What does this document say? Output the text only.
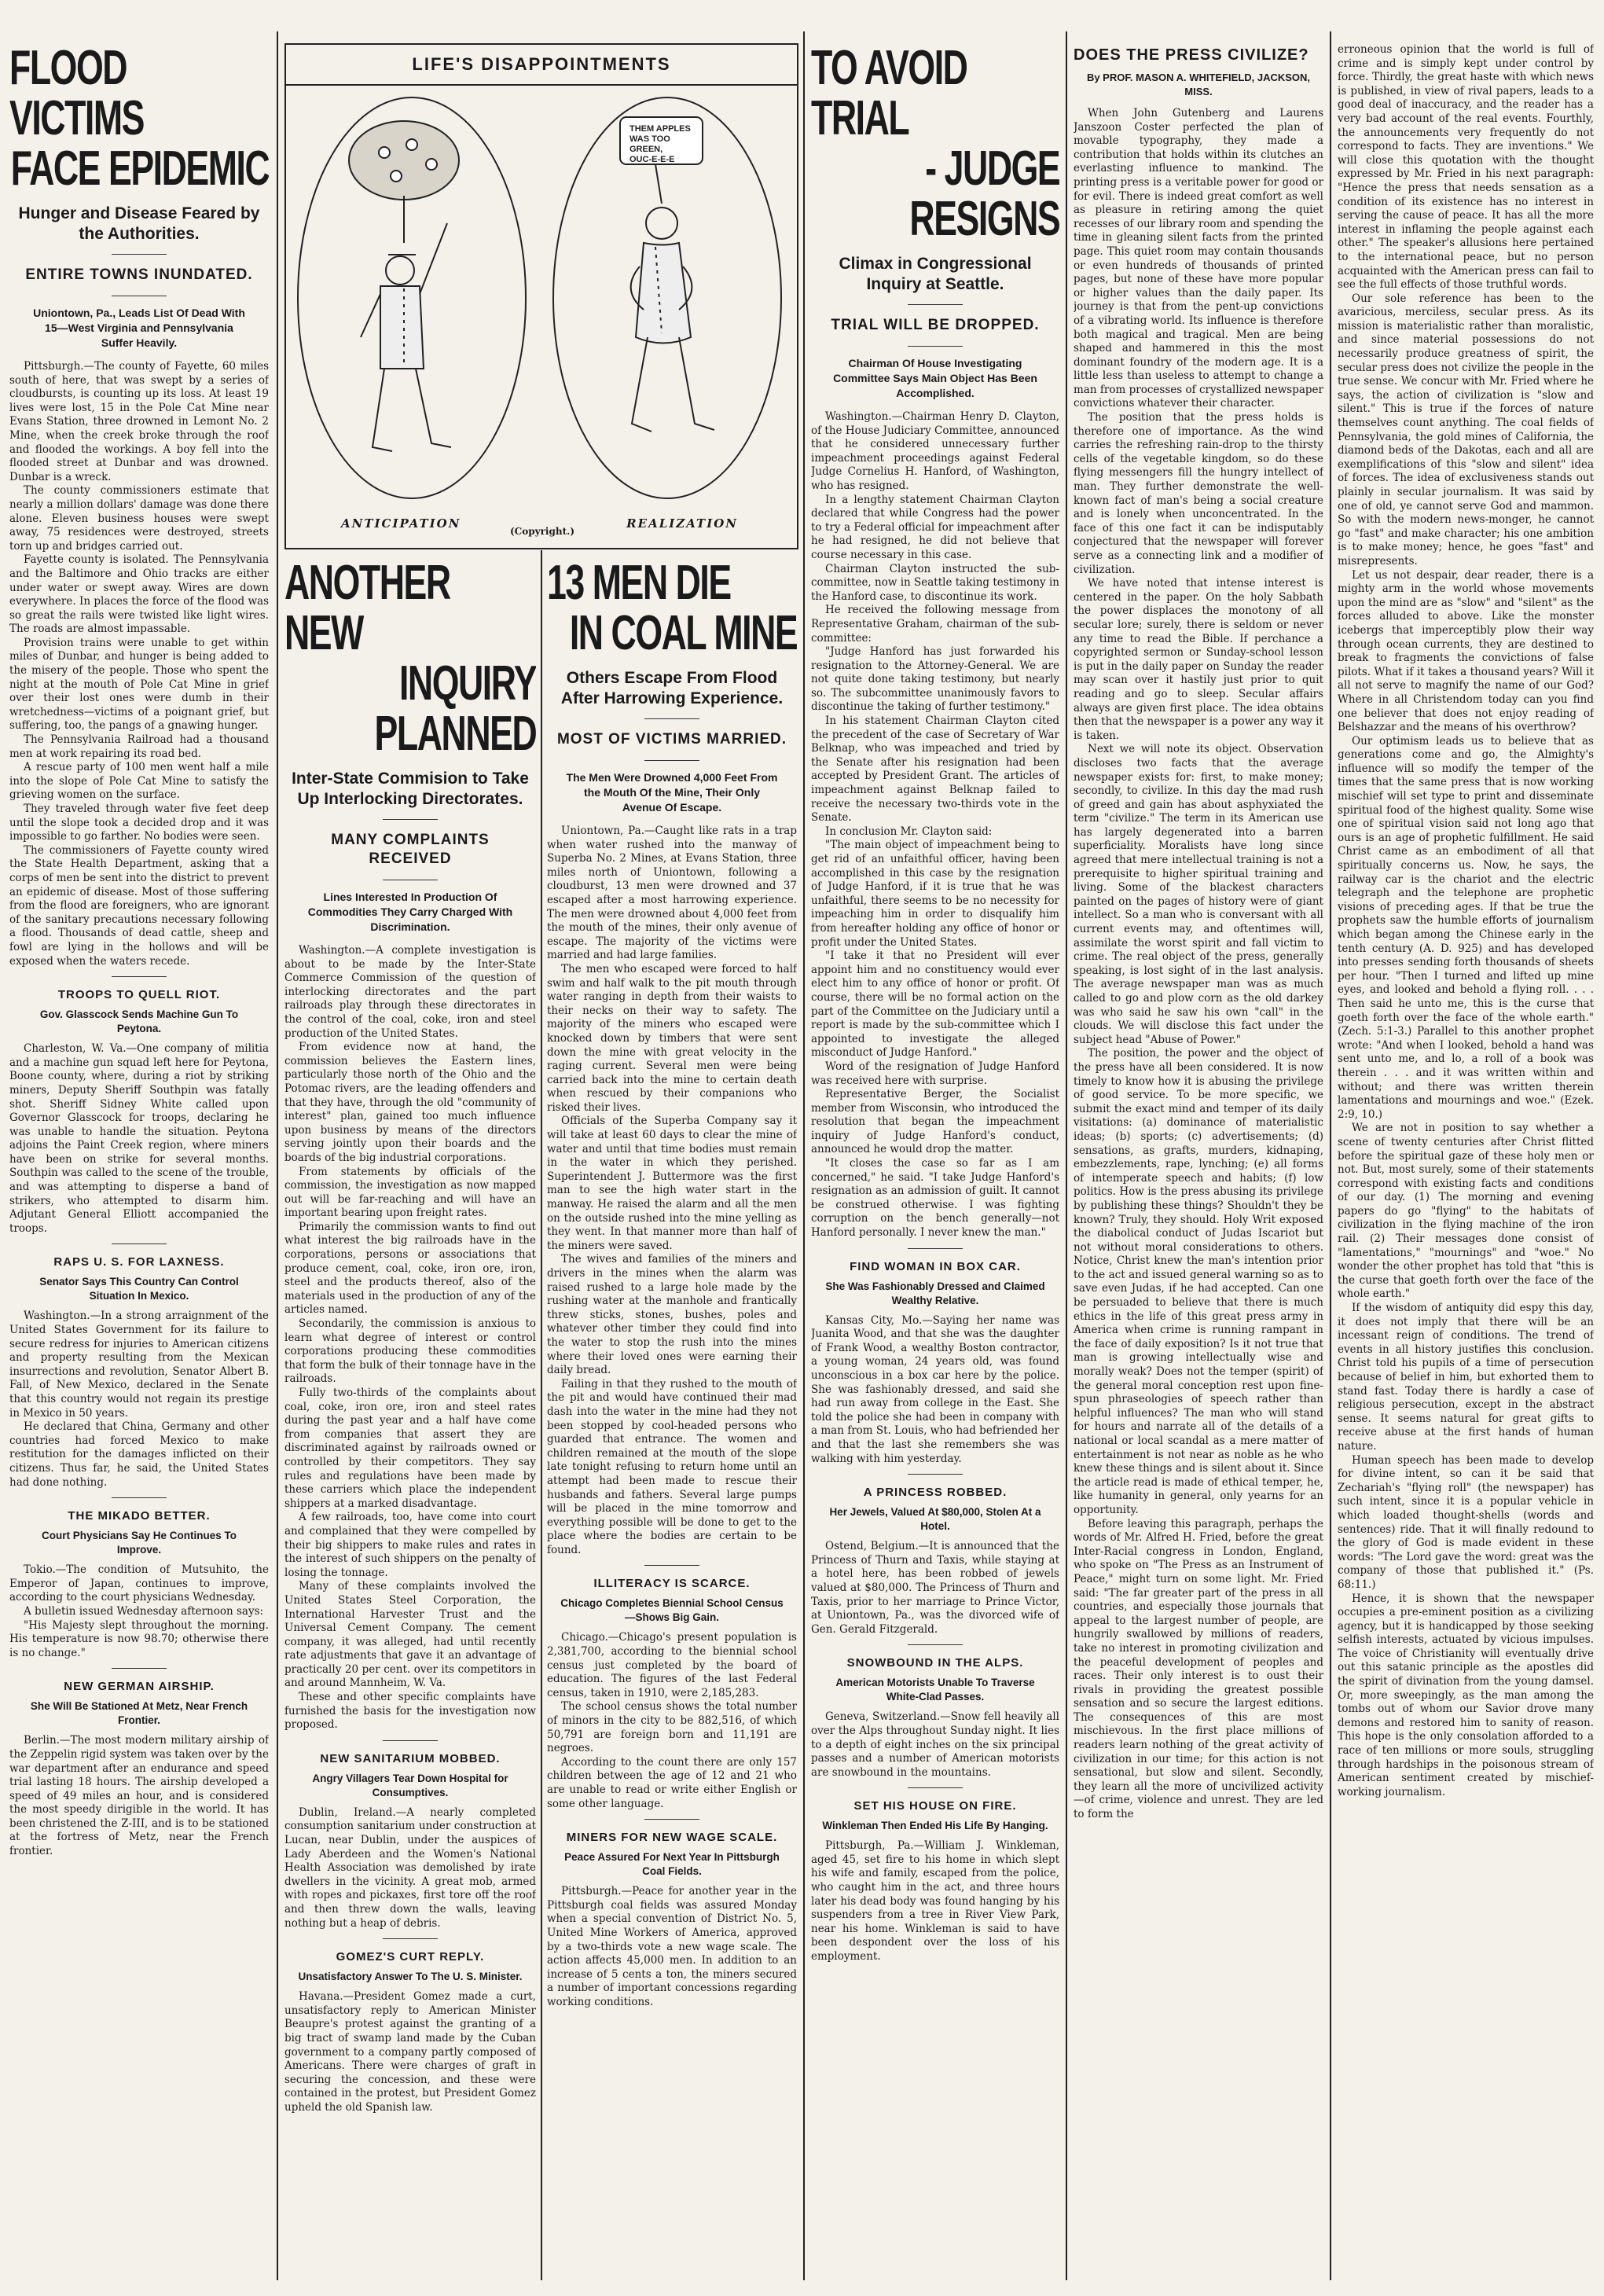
FLOOD VICTIMS
FACE EPIDEMIC
Hunger and Disease Feared by the Authorities.
ENTIRE TOWNS INUNDATED.
Uniontown, Pa., Leads List Of Dead With 15—West Virginia and Pennsylvania Suffer Heavily.

Pittsburgh.—The county of Fayette, 60 miles south of here, that was swept by a series of cloudbursts, is counting up its loss. At least 19 lives were lost, 15 in the Pole Cat Mine near Evans Station, three drowned in Lemont No. 2 Mine, when the creek broke through the roof and flooded the workings. A boy fell into the flooded street at Dunbar and was drowned. Dunbar is a wreck.

The county commissioners estimate that nearly a million dollars' damage was done there alone. Eleven business houses were swept away, 75 residences were destroyed, streets torn up and bridges carried out.

Fayette county is isolated. The Pennsylvania and the Baltimore and Ohio tracks are either under water or swept away. Wires are down everywhere. In places the force of the flood was so great the rails were twisted like light wires. The roads are almost impassable.

Provision trains were unable to get within miles of Dunbar, and hunger is being added to the misery of the people. Those who spent the night at the mouth of Pole Cat Mine in grief over their lost ones were dumb in their wretchedness—victims of a poignant grief, but suffering, too, the pangs of a gnawing hunger.

The Pennsylvania Railroad had a thousand men at work repairing its road bed.

A rescue party of 100 men went half a mile into the slope of Pole Cat Mine to satisfy the grieving women on the surface.

They traveled through water five feet deep until the slope took a decided drop and it was impossible to go farther. No bodies were seen.

The commissioners of Fayette county wired the State Health Department, asking that a corps of men be sent into the district to prevent an epidemic of disease. Most of those suffering from the flood are foreigners, who are ignorant of the sanitary precautions necessary following a flood. Thousands of dead cattle, sheep and fowl are lying in the hollows and will be exposed when the waters recede.

TROOPS TO QUELL RIOT.
Gov. Glasscock Sends Machine Gun To Peytona.

Charleston, W. Va.—One company of militia and a machine gun squad left here for Peytona, Boone county, where, during a riot by striking miners, Deputy Sheriff Southpin was fatally shot. Sheriff Sidney White called upon Governor Glasscock for troops, declaring he was unable to handle the situation. Peytona adjoins the Paint Creek region, where miners have been on strike for several months. Southpin was called to the scene of the trouble, and was attempting to disperse a band of strikers, who attempted to disarm him. Adjutant General Elliott accompanied the troops.

RAPS U. S. FOR LAXNESS.
Senator Says This Country Can Control Situation In Mexico.

Washington.—In a strong arraignment of the United States Government for its failure to secure redress for injuries to American citizens and property resulting from the Mexican insurrections and revolution, Senator Albert B. Fall, of New Mexico, declared in the Senate that this country would not regain its prestige in Mexico in 50 years.

He declared that China, Germany and other countries had forced Mexico to make restitution for the damages inflicted on their citizens. Thus far, he said, the United States had done nothing.

THE MIKADO BETTER.
Court Physicians Say He Continues To Improve.

Tokio.—The condition of Mutsuhito, the Emperor of Japan, continues to improve, according to the court physicians Wednesday.

A bulletin issued Wednesday afternoon says:

"His Majesty slept throughout the morning. His temperature is now 98.70; otherwise there is no change."

NEW GERMAN AIRSHIP.
She Will Be Stationed At Metz, Near French Frontier.

Berlin.—The most modern military airship of the Zeppelin rigid system was taken over by the war department after an endurance and speed trial lasting 18 hours. The airship developed a speed of 49 miles an hour, and is considered the most speedy dirigible in the world. It has been christened the Z-III, and is to be stationed at the fortress of Metz, near the French frontier.

LIFE'S DISAPPOINTMENTS
THEM APPLES WAS TOO GREEN, OUC-E-E-E
ANTICIPATION
(Copyright.)
REALIZATION
ANOTHER NEW
INQUIRY PLANNED
Inter-State Commision to Take Up Interlocking Directorates.
MANY COMPLAINTS RECEIVED
Lines Interested In Production Of Commodities They Carry Charged With Discrimination.

Washington.—A complete investigation is about to be made by the Inter-State Commerce Commission of the question of interlocking directorates and the part railroads play through these directorates in the control of the coal, coke, iron and steel production of the United States.

From evidence now at hand, the commission believes the Eastern lines, particularly those north of the Ohio and the Potomac rivers, are the leading offenders and that they have, through the old "community of interest" plan, gained too much influence upon business by means of the directors serving jointly upon their boards and the boards of the big industrial corporations.

From statements by officials of the commission, the investigation as now mapped out will be far-reaching and will have an important bearing upon freight rates.

Primarily the commission wants to find out what interest the big railroads have in the corporations, persons or associations that produce cement, coal, coke, iron ore, iron, steel and the products thereof, also of the materials used in the production of any of the articles named.

Secondarily, the commission is anxious to learn what degree of interest or control corporations producing these commodities that form the bulk of their tonnage have in the railroads.

Fully two-thirds of the complaints about coal, coke, iron ore, iron and steel rates during the past year and a half have come from companies that assert they are discriminated against by railroads owned or controlled by their competitors. They say rules and regulations have been made by these carriers which place the independent shippers at a marked disadvantage.

A few railroads, too, have come into court and complained that they were compelled by their big shippers to make rules and rates in the interest of such shippers on the penalty of losing the tonnage.

Many of these complaints involved the United States Steel Corporation, the International Harvester Trust and the Universal Cement Company. The cement company, it was alleged, had until recently rate adjustments that gave it an advantage of practically 20 per cent. over its competitors in and around Mannheim, W. Va.

These and other specific complaints have furnished the basis for the investigation now proposed.

NEW SANITARIUM MOBBED.
Angry Villagers Tear Down Hospital for Consumptives.

Dublin, Ireland.—A nearly completed consumption sanitarium under construction at Lucan, near Dublin, under the auspices of Lady Aberdeen and the Women's National Health Association was demolished by irate dwellers in the vicinity. A great mob, armed with ropes and pickaxes, first tore off the roof and then threw down the walls, leaving nothing but a heap of debris.

GOMEZ'S CURT REPLY.
Unsatisfactory Answer To The U. S. Minister.

Havana.—President Gomez made a curt, unsatisfactory reply to American Minister Beaupre's protest against the granting of a big tract of swamp land made by the Cuban government to a company partly composed of Americans. There were charges of graft in securing the concession, and these were contained in the protest, but President Gomez upheld the old Spanish law.

13 MEN DIE
IN COAL MINE
Others Escape From Flood After Harrowing Experience.
MOST OF VICTIMS MARRIED.
The Men Were Drowned 4,000 Feet From the Mouth Of the Mine, Their Only Avenue Of Escape.

Uniontown, Pa.—Caught like rats in a trap when water rushed into the manway of Superba No. 2 Mines, at Evans Station, three miles north of Uniontown, following a cloudburst, 13 men were drowned and 37 escaped after a most harrowing experience. The men were drowned about 4,000 feet from the mouth of the mines, their only avenue of escape. The majority of the victims were married and had large families.

The men who escaped were forced to half swim and half walk to the pit mouth through water ranging in depth from their waists to their necks on their way to safety. The majority of the miners who escaped were knocked down by timbers that were sent down the mine with great velocity in the raging current. Several men were being carried back into the mine to certain death when rescued by their companions who risked their lives.

Officials of the Superba Company say it will take at least 60 days to clear the mine of water and until that time bodies must remain in the water in which they perished. Superintendent J. Buttermore was the first man to see the high water start in the manway. He raised the alarm and all the men on the outside rushed into the mine yelling as they went. In that manner more than half of the miners were saved.

The wives and families of the miners and drivers in the mines when the alarm was raised rushed to a large hole made by the rushing water at the manhole and frantically threw sticks, stones, bushes, poles and whatever other timber they could find into the water to stop the rush into the mines where their loved ones were earning their daily bread.

Failing in that they rushed to the mouth of the pit and would have continued their mad dash into the water in the mine had they not been stopped by cool-headed persons who guarded that entrance. The women and children remained at the mouth of the slope late tonight refusing to return home until an attempt had been made to rescue their husbands and fathers. Several large pumps will be placed in the mine tomorrow and everything possible will be done to get to the place where the bodies are certain to be found.

ILLITERACY IS SCARCE.
Chicago Completes Biennial School Census—Shows Big Gain.

Chicago.—Chicago's present population is 2,381,700, according to the biennial school census just completed by the board of education. The figures of the last Federal census, taken in 1910, were 2,185,283.

The school census shows the total number of minors in the city to be 882,516, of which 50,791 are foreign born and 11,191 are negroes.

According to the count there are only 157 children between the age of 12 and 21 who are unable to read or write either English or some other language.

MINERS FOR NEW WAGE SCALE.
Peace Assured For Next Year In Pittsburgh Coal Fields.

Pittsburgh.—Peace for another year in the Pittsburgh coal fields was assured Monday when a special convention of District No. 5, United Mine Workers of America, approved by a two-thirds vote a new wage scale. The action affects 45,000 men. In addition to an increase of 5 cents a ton, the miners secured a number of important concessions regarding working conditions.

TO AVOID TRIAL
- JUDGE RESIGNS
Climax in Congressional Inquiry at Seattle.
TRIAL WILL BE DROPPED.
Chairman Of House Investigating Committee Says Main Object Has Been Accomplished.

Washington.—Chairman Henry D. Clayton, of the House Judiciary Committee, announced that he considered unnecessary further impeachment proceedings against Federal Judge Cornelius H. Hanford, of Washington, who has resigned.

In a lengthy statement Chairman Clayton declared that while Congress had the power to try a Federal official for impeachment after he had resigned, he did not believe that course necessary in this case.

Chairman Clayton instructed the sub-committee, now in Seattle taking testimony in the Hanford case, to discontinue its work.

He received the following message from Representative Graham, chairman of the sub-committee:

"Judge Hanford has just forwarded his resignation to the Attorney-General. We are not quite done taking testimony, but nearly so. The subcommittee unanimously favors to discontinue the taking of further testimony."

In his statement Chairman Clayton cited the precedent of the case of Secretary of War Belknap, who was impeached and tried by the Senate after his resignation had been accepted by President Grant. The articles of impeachment against Belknap failed to receive the necessary two-thirds vote in the Senate.

In conclusion Mr. Clayton said:

"The main object of impeachment being to get rid of an unfaithful officer, having been accomplished in this case by the resignation of Judge Hanford, if it is true that he was unfaithful, there seems to be no necessity for impeaching him in order to disqualify him from hereafter holding any office of honor or profit under the United States.

"I take it that no President will ever appoint him and no constituency would ever elect him to any office of honor or profit. Of course, there will be no formal action on the part of the Committee on the Judiciary until a report is made by the sub-committee which I appointed to investigate the alleged misconduct of Judge Hanford."

Word of the resignation of Judge Hanford was received here with surprise.

Representative Berger, the Socialist member from Wisconsin, who introduced the resolution that began the impeachment inquiry of Judge Hanford's conduct, announced he would drop the matter.

"It closes the case so far as I am concerned," he said. "I take Judge Hanford's resignation as an admission of guilt. It cannot be construed otherwise. I was fighting corruption on the bench generally—not Hanford personally. I never knew the man."

FIND WOMAN IN BOX CAR.
She Was Fashionably Dressed and Claimed Wealthy Relative.

Kansas City, Mo.—Saying her name was Juanita Wood, and that she was the daughter of Frank Wood, a wealthy Boston contractor, a young woman, 24 years old, was found unconscious in a box car here by the police. She was fashionably dressed, and said she had run away from college in the East. She told the police she had been in company with a man from St. Louis, who had befriended her and that the last she remembers she was walking with him yesterday.

A PRINCESS ROBBED.
Her Jewels, Valued At $80,000, Stolen At a Hotel.

Ostend, Belgium.—It is announced that the Princess of Thurn and Taxis, while staying at a hotel here, has been robbed of jewels valued at $80,000. The Princess of Thurn and Taxis, prior to her marriage to Prince Victor, at Uniontown, Pa., was the divorced wife of Gen. Gerald Fitzgerald.

SNOWBOUND IN THE ALPS.
American Motorists Unable To Traverse White-Clad Passes.

Geneva, Switzerland.—Snow fell heavily all over the Alps throughout Sunday night. It lies to a depth of eight inches on the six principal passes and a number of American motorists are snowbound in the mountains.

SET HIS HOUSE ON FIRE.
Winkleman Then Ended His Life By Hanging.

Pittsburgh, Pa.—William J. Winkleman, aged 45, set fire to his home in which slept his wife and family, escaped from the police, who caught him in the act, and three hours later his dead body was found hanging by his suspenders from a tree in River View Park, near his home. Winkleman is said to have been despondent over the loss of his employment.

DOES THE PRESS CIVILIZE?
By PROF. MASON A. WHITEFIELD, JACKSON, MISS.

When John Gutenberg and Laurens Janszoon Coster perfected the plan of movable typography, they made a contribution that holds within its clutches an everlasting influence to mankind. The printing press is a veritable power for good or for evil. There is indeed great comfort as well as pleasure in retiring among the quiet recesses of our library room and spending the time in gleaning silent facts from the printed page. This quiet room may contain thousands or even hundreds of thousands of printed pages, but none of these have more popular or higher values than the daily paper. Its journey is that from the pent-up convictions of a vibrating world. Its influence is therefore both magical and tragical. Men are being shaped and hammered in this the most dominant foundry of the modern age. It is a little less than useless to attempt to change a man from processes of crystallized newspaper convictions whatever their character.

The position that the press holds is therefore one of importance. As the wind carries the refreshing rain-drop to the thirsty cells of the vegetable kingdom, so do these flying messengers fill the hungry intellect of man. They further demonstrate the well-known fact of man's being a social creature and is lonely when unconcentrated. In the face of this one fact it can be indisputably conjectured that the newspaper will forever serve as a connecting link and a modifier of civilization.

We have noted that intense interest is centered in the paper. On the holy Sabbath the power displaces the monotony of all secular lore; surely, there is seldom or never any time to read the Bible. If perchance a copyrighted sermon or Sunday-school lesson is put in the daily paper on Sunday the reader may scan over it hastily just prior to quit reading and go to sleep. Secular affairs always are given first place. The idea obtains then that the newspaper is a power any way it is taken.

Next we will note its object. Observation discloses two facts that the average newspaper exists for: first, to make money; secondly, to civilize. In this day the mad rush of greed and gain has about asphyxiated the term "civilize." The term in its American use has largely degenerated into a barren superficiality. Moralists have long since agreed that mere intellectual training is not a prerequisite to higher spiritual training and living. Some of the blackest characters painted on the pages of history were of giant intellect. So a man who is conversant with all current events may, and oftentimes will, assimilate the worst spirit and fall victim to crime. The real object of the press, generally speaking, is lost sight of in the last analysis. The average newspaper man was as much called to go and plow corn as the old darkey was who said he saw his own "call" in the clouds. We will disclose this fact under the subject head "Abuse of Power."

The position, the power and the object of the press have all been considered. It is now timely to know how it is abusing the privilege of good service. To be more specific, we submit the exact mind and temper of its daily visitations: (a) dominance of materialistic ideas; (b) sports; (c) advertisements; (d) sensations, as grafts, murders, kidnaping, embezzlements, rape, lynching; (e) all forms of intemperate speech and habits; (f) low politics. How is the press abusing its privilege by publishing these things? Shouldn't they be known? Truly, they should. Holy Writ exposed the diabolical conduct of Judas Iscariot but not without moral considerations to others. Notice, Christ knew the man's intention prior to the act and issued general warning so as to save even Judas, if he had accepted. Can one be persuaded to believe that there is much ethics in the life of this great press army in America when crime is running rampant in the face of daily exposition? Is it not true that man is growing intellectually wise and morally weak? Does not the temper (spirit) of the general moral conception rest upon fine-spun phraseologies of speech rather than helpful influences? The man who will stand for hours and narrate all of the details of a national or local scandal as a mere matter of entertainment is not near as noble as he who knew these things and is silent about it. Since the article read is made of ethical temper, he, like humanity in general, only yearns for an opportunity.

Before leaving this paragraph, perhaps the words of Mr. Alfred H. Fried, before the great Inter-Racial congress in London, England, who spoke on "The Press as an Instrument of Peace," might turn on some light. Mr. Fried said: "The far greater part of the press in all countries, and especially those journals that appeal to the largest number of people, are hungrily swallowed by millions of readers, take no interest in promoting civilization and the peaceful development of peoples and races. Their only interest is to oust their rivals in providing the greatest possible sensation and so secure the largest editions. The consequences of this are most mischievous. In the first place millions of readers learn nothing of the great activity of civilization in our time; for this action is not sensational, but slow and silent. Secondly, they learn all the more of uncivilized activity—of crime, violence and unrest. They are led to form the

erroneous opinion that the world is full of crime and is simply kept under control by force. Thirdly, the great haste with which news is published, in view of rival papers, leads to a good deal of inaccuracy, and the reader has a very bad account of the real events. Fourthly, the announcements very frequently do not correspond to facts. They are inventions." We will close this quotation with the thought expressed by Mr. Fried in his next paragraph: "Hence the press that needs sensation as a condition of its existence has no interest in serving the cause of peace. It has all the more interest in inflaming the people against each other." The speaker's allusions here pertained to the international peace, but no person acquainted with the American press can fail to see the full effects of those truthful words.

Our sole reference has been to the avaricious, merciless, secular press. As its mission is materialistic rather than moralistic, and since material possessions do not necessarily produce greatness of spirit, the secular press does not civilize the people in the true sense. We concur with Mr. Fried where he says, the action of civilization is "slow and silent." This is true if the forces of nature themselves count anything. The coal fields of Pennsylvania, the gold mines of California, the diamond beds of the Dakotas, each and all are exemplifications of this "slow and silent" idea of forces. The idea of exclusiveness stands out plainly in secular journalism. It was said by one of old, ye cannot serve God and mammon. So with the modern news-monger, he cannot go "fast" and make character; his one ambition is to make money; hence, he goes "fast" and misrepresents.

Let us not despair, dear reader, there is a mighty arm in the world whose movements upon the mind are as "slow" and "silent" as the forces alluded to above. Like the monster icebergs that imperceptibly plow their way through ocean currents, they are destined to break to fragments the convictions of false pilots. What if it takes a thousand years? Will it all not serve to magnify the name of our God? Where in all Christendom today can you find one believer that does not enjoy reading of Belshazzar and the means of his overthrow?

Our optimism leads us to believe that as generations come and go, the Almighty's influence will so modify the temper of the times that the same press that is now working mischief will set type to print and disseminate spiritual food of the highest quality. Some wise one of spiritual vision said not long ago that ours is an age of prophetic fulfillment. He said Christ came as an embodiment of all that spiritually concerns us. Now, he says, the railway car is the chariot and the electric telegraph and the telephone are prophetic visions of preceding ages. If that be true the prophets saw the humble efforts of journalism which began among the Chinese early in the tenth century (A. D. 925) and has developed into presses sending forth thousands of sheets per hour. "Then I turned and lifted up mine eyes, and looked and behold a flying roll. . . . Then said he unto me, this is the curse that goeth forth over the face of the whole earth." (Zech. 5:1-3.) Parallel to this another prophet wrote: "And when I looked, behold a hand was sent unto me, and lo, a roll of a book was therein . . . and it was written within and without; and there was written therein lamentations and mournings and woe." (Ezek. 2:9, 10.)

We are not in position to say whether a scene of twenty centuries after Christ flitted before the spiritual gaze of these holy men or not. But, most surely, some of their statements correspond with existing facts and conditions of our day. (1) The morning and evening papers do go "flying" to the habitats of civilization in the flying machine of the iron rail. (2) Their messages done consist of "lamentations," "mournings" and "woe." No wonder the other prophet has told that "this is the curse that goeth forth over the face of the whole earth."

If the wisdom of antiquity did espy this day, it does not imply that there will be an incessant reign of conditions. The trend of events in all history justifies this conclusion. Christ told his pupils of a time of persecution because of belief in him, but exhorted them to stand fast. Today there is hardly a case of religious persecution, except in the abstract sense. It seems natural for great gifts to receive abuse at the first hands of human nature.

Human speech has been made to develop for divine intent, so can it be said that Zechariah's "flying roll" (the newspaper) has such intent, since it is a popular vehicle in which loaded thought-shells (words and sentences) ride. That it will finally redound to the glory of God is made evident in these words: "The Lord gave the word: great was the company of those that published it." (Ps. 68:11.)

Hence, it is shown that the newspaper occupies a pre-eminent position as a civilizing agency, but it is handicapped by those seeking selfish interests, actuated by vicious impulses. The voice of Christianity will eventually drive out this satanic principle as the apostles did the spirit of divination from the young damsel. Or, more sweepingly, as the man among the tombs out of whom our Savior drove many demons and restored him to sanity of reason. This hope is the only consolation afforded to a race of ten millions or more souls, struggling through hardships in the poisonous stream of American sentiment created by mischief-working journalism.
